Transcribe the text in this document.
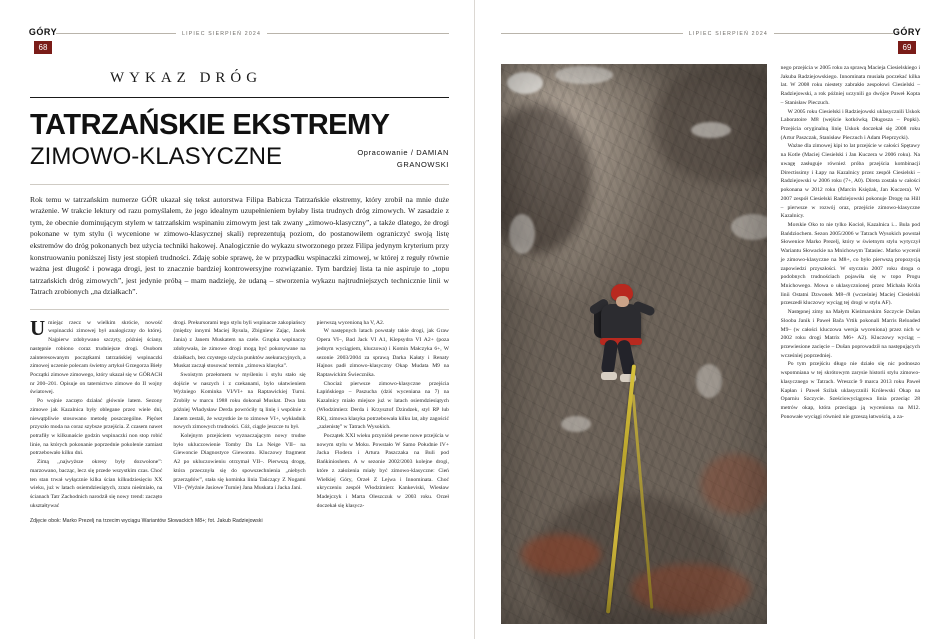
GÓRY
68
LIPIEC SIERPIEŃ 2024
WYKAZ DRÓG
TATRZAŃSKIE EKSTREMY
ZIMOWO-KLASYCZNE	Opracowanie / DAMIAN
GRANOWSKI
Rok temu w tatrzańskim numerze GÓR ukazał się tekst autorstwa Filipa Babicza Tatrzańskie ekstremy, który zrobił na mnie duże wrażenie. W trakcie lektury od razu pomyślałem, że jego idealnym uzupełnieniem byłaby lista trudnych dróg zimowych. W zasadzie z tym, że obecnie dominującym stylem w tatrzańskim wspinaniu zimowym jest tak zwany „zimowo-klasyczny”, a także dlatego, że drogi pokonane w tym stylu (i wycenione w zimowo-klasycznej skali) reprezentują poziom, do postanowiłem ograniczyć swoją listę ekstremów do dróg pokonanych bez użycia techniki hakowej. Analogicznie do wykazu stworzonego przez Filipa jedynym kryterium przy konstruowaniu poniższej listy jest stopień trudności. Zdaję sobie sprawę, że w przypadku wspinaczki zimowej, w której z reguły równie ważna jest długość i powaga drogi, jest to znacznie bardziej kontrowersyjne rozwiązanie. Tym bardziej lista ta nie aspiruje to „topu tatrzańskich dróg zimowych”, jest jedynie próbą – mam nadzieję, że udaną – stworzenia wykazu najtrudniejszych technicznie linii w Tatrach zrobionych „na działkach”.

Umiejąc rzecz w wielkim skrócie, nowość wspinaczki zimowej był analogiczny do której. Najpierw zdobywano szczyty, później ściany, następnie robiono coraz trudniejsze drogi. Osobom zainteresowanym początkami tatrzańskiej wspinaczki zimowej uczenie polecam świetny artykuł Grzegorza Bieły Początki zimowe zimowego, który ukazał się w GÓRACH nr 200–201. Opisuje on taternictwo zimowe do II wojny światowej.

Po wojnie zaczęto działać głównie latem. Sezony zimowe jak Kazalnica były oblegane przez wiele dni, niewątpliwie stosowano metodę poszczególne. Pięćset przyszło moda na coraz szybsze przejścia. Z czasem nawet potrafiły w kilkunaście godzin wspinaczki non stop robić linie, na których pokonanie poprzednie pokolenie zamiast potrzebowało kilku dni.

Zimą ,,najwyższe okresy były dozwolone”: marzowano, bacząc, lecz się przede wszystkim czas. Choć ten stan trwał wyłącznie kilka ścian kilkudziesięciu XX wieku, już w latach osiemdziesiątych, zrazu nieśmiało, na ścianach Tatr Zachodnich narodził się nowy trend: zaczęto ukształtywać

drogi. Prekursorami tego stylu byli wspinacze zakopiańscy (między innymi Maciej Rysula, Zbigniew Zając, Jacek Jania) z Janem Muskatem na czele. Grupka wspinaczy zdobywała, że zimowe drogi mogą być pokonywane na działkach, bez czystego użycia punktów asekuracyjnych, a Muskat zaczął stosować termin „zimowa klasyka”.

Swoistym przełomem w myśleniu i stylu stało się dojście w naszych i z czekanami, bylo ułatwieniem Wyżniego Kominka VI/VI+ na Raptawickiej Turni. Zrobiły w marcu 1988 roku dokonał Muskat. Dwa lata później Władysław Derda powróciły tą linię i wspólnie z Janem zestali, że wszystkie że to zimowe VI+, wykładnik nowych zimowych trudności. Cóż, ciągle jeszcze tu był.

Kolejnym przejściem wyznaczającym nowy trudne było ukluczowienie Tomby Da La Neige VII– na Giewoncie Diagnostyce Giewonto. Kluczowy fragment A2 po ukluczowieniu otrzymał VII–. Pierwszą drogę, która przecznyła się do spowszechnienia „niebych przerządów”, stała się kominka linia Tańczący Z Nogami VII– (Wyżnie Jasiowe Turnie) Jana Muskata i Jacka Jani.

pierwszą wycenioną ha V, A2.

W następnych latach powstały takie drogi, jak Graw Opera VI–, Bad Jack VI A1, Klepsydra VI A2+ (poza jednym wyciągiem, kluczowa) i Komin Małczyka 6+, W sezonie 2003/2004 za sprawą Darka Kałaty i Renaty Hajnos padł zimowo-klasyczny Okap Mudata M9 na Raptawickim Świecznika.

Chociaż pierwsze zimowo-klasyczne przejścia Łapińskiego – Paszucha (dziś wyceniana na 7) na Kazalnicy miało miejsce już w latach osiemdziesiątych (Włodzimierz Derda i Krzysztof Dzindzek, styl RP lub RK), zimowa klasyka potrzebowała kilku lat, aby zagościć „zażenistę” w Tatrach Wysokich.

Początek XXI wieku przyniósł pewne nowe przejścia w nowym stylu w Moku. Powstało W Samo Południe IV+ Jacka Flodera i Artura Paszczaka na Buli pod Bańkinioshem. A w sezonie 2002/2003 kolejne drogi, które z założenia miały być zimowo-klasyczne: Cień Wielkiej Góry, Orzeł Z Lejwa i Innominata. Choć ukryczeniu zespół Włodzimierz Kankeviski, Wiesław Madejczyk i Marta Oleszczuk w 2003 roku. Orzeł doczekał się klasycz-

Zdjęcie obok: Marko Prezelj na trzecim wyciągu Wariantów Słowackich M8+; fot. Jakub Radziejowski
LIPIEC SIERPIEŃ 2024	GÓRY
69

nego przejścia w 2005 roku za sprawą Macieja Ciesielskiego i Jakuba Radziejowskiego. Innominata musiała poczekać kilka lat. W 2008 roku niestety zabrakło zespołowi Ciesielski – Radziejowski, a rok później uczynili go dwójce Paweł Kopta – Stanisław Pieczuch.

W 2005 roku Ciesielski i Radziejowski uklasycznili Uskok Laboratoire M8 (wejście kotkówką Długosza – Popki). Przejścia oryginalną linię Uskok doczekał się 2008 roku (Artur Paszczak, Stanisław Pieczuch i Adam Pieprzycki).

Ważne dla zimowej kipi to lat przejście w całości Spętawy na Kotle (Maciej Ciesielski i Jan Kuczera w 2006 roku). Na uwagę zasługuje również próba przejścia kombinacji Directissimy i Łapy na Kazalnicy przez zespół Ciesielski – Radziejowski w 2006 roku (7+, A0). Direta została w całości pokonana w 2012 roku (Marcin Księżak, Jan Kuczera). W 2007 zespół Ciesielski Radziejowski pokonuje Drogę na Hill – pierwsze w rozwój oraz, przejście zimowo-klasyczne Kazalnicy.

Morskie Oko to nie tylko Kocioł, Kazalnica i... Bula pod Bańdziochem. Sezon 2005/2006 w Tatrach Wysokich powstał Słowenice Marko Prezelj, który w świetnym stylu wytyczył Wariantu Słowackie na Mnichowym Tatasiec. Marko wycenił je zimowo-klasyczne na M8+, co było pierwszą propozycją zapowiedzi przyszłości. W styczniu 2007 roku droga o podobnych trudnościach pojawiła się w topo Progu Mnichowego. Mowa o uklasycznionej przez Michała Króla linii Ostatni Dzwonek M8–/8 (wcześniej Maciej Ciesielski przeszedł kluczowy wyciąg tej drogi w stylu AF).

Następnej zimy na Małym Kieżmarskim Szczycie Dušan Slooba Janik i Paweł Bača Vrtik pokonali Marris Reloaded M9– (w całości kluczowa wersja wyceniona) przez nich w 2002 roku drogi Matrix M6+ A2). Kluczowy wyciąg – przewiesione zacięcie – Dušan poprowadził na następujących wcześniej poprzedniej.

Po tym przejściu długo nie działo się nic podnoszo wspomniana w tej skrótowym zarysie historii stylu zimowo-klasycznego w Tatrach. Wreszcie 9 marca 2013 roku Paweł Kapłan i Paweł Szilak uklasycznili Królewski Okap na Oparniu Szczycie. Sześciowyciągowa linia przeciąc 28 metrów okap, która przeciąga ją wyceniona na M12. Ponowałe wyciągi również nie grzeszą łatwością, a za-
